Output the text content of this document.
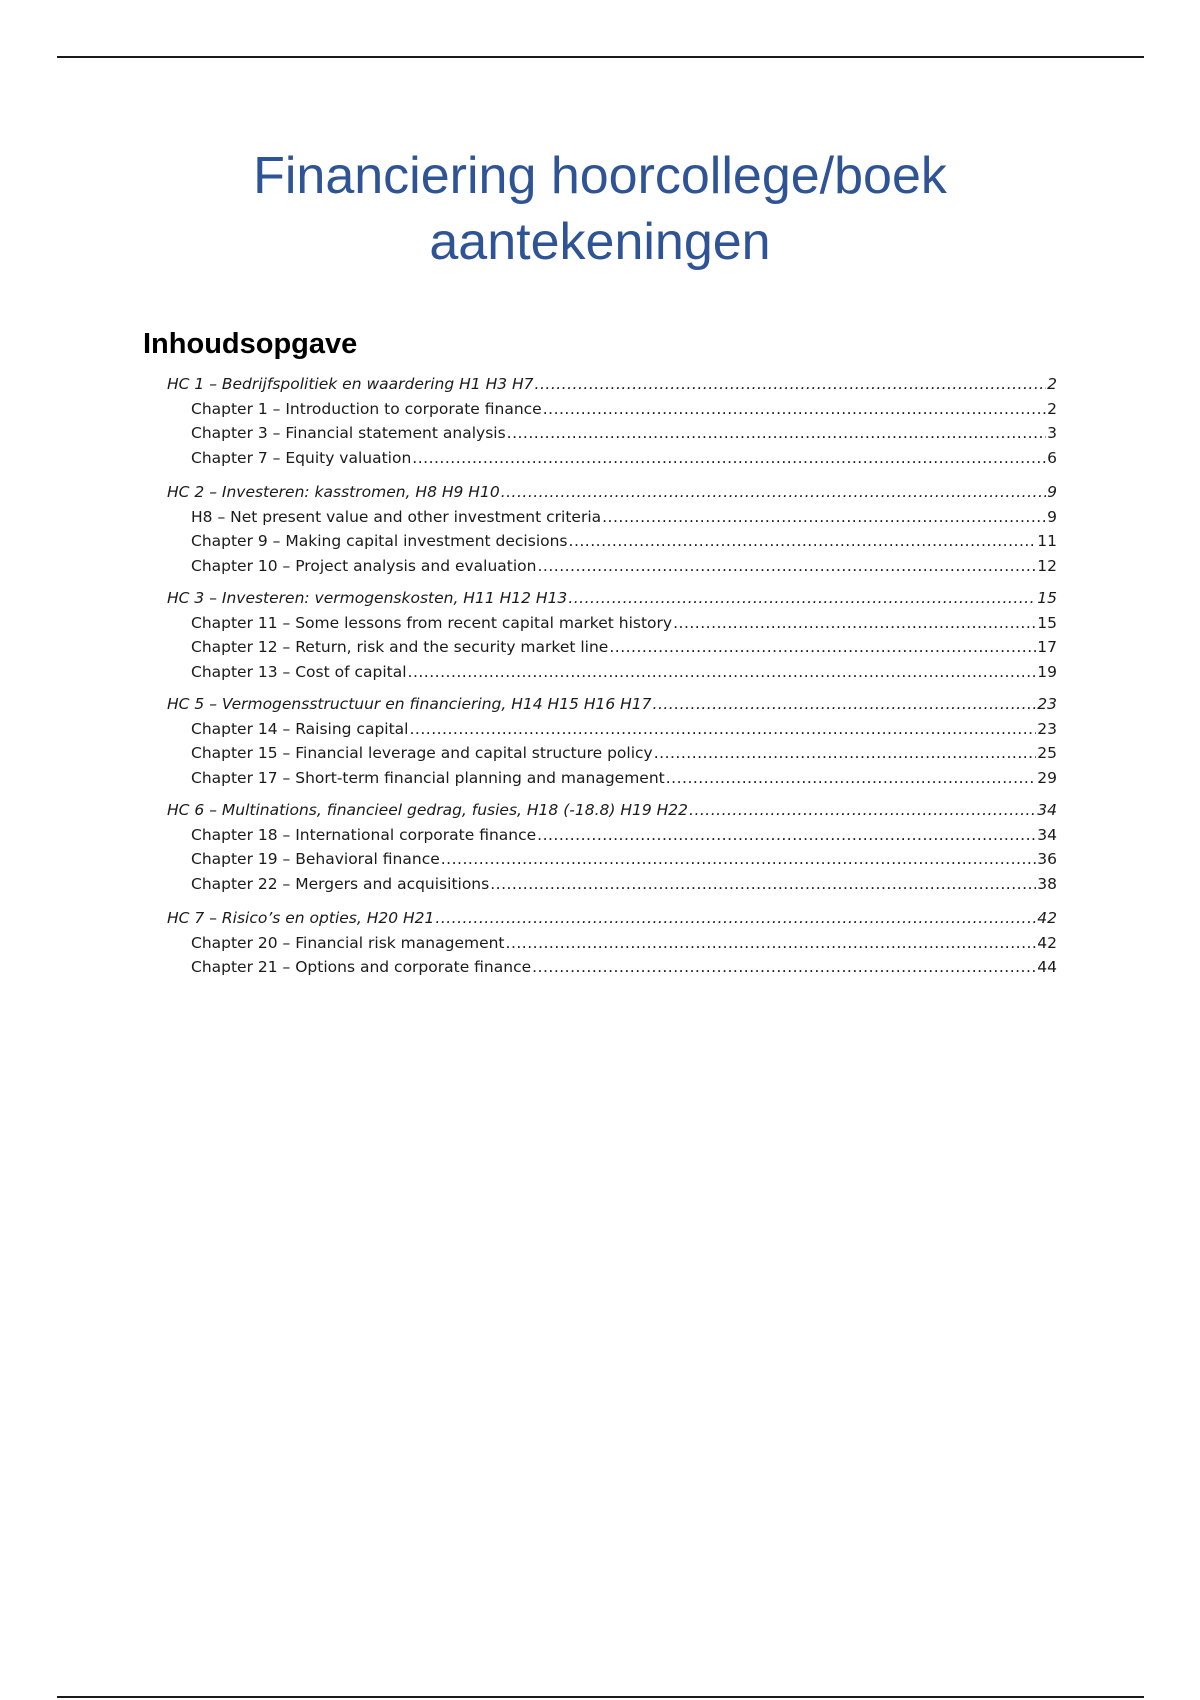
Financiering hoorcollege/boek
aantekeningen
Inhoudsopgave
HC 1 – Bedrijfspolitiek en waardering H1 H3 H7 .....	2
Chapter 1 – Introduction to corporate finance .....	2
Chapter 3 – Financial statement analysis .....	3
Chapter 7 – Equity valuation .....	6
HC 2 – Investeren: kasstromen, H8 H9 H10 .....	9
H8 – Net present value and other investment criteria .....	9
Chapter 9 – Making capital investment decisions .....	11
Chapter 10 – Project analysis and evaluation .....	12
HC 3 – Investeren: vermogenskosten, H11 H12 H13 .....	15
Chapter 11 – Some lessons from recent capital market history .....	15
Chapter 12 – Return, risk and the security market line .....	17
Chapter 13 – Cost of capital .....	19
HC 5 – Vermogensstructuur en financiering, H14 H15 H16 H17 .....	23
Chapter 14 – Raising capital .....	23
Chapter 15 – Financial leverage and capital structure policy .....	25
Chapter 17 – Short-term financial planning and management .....	29
HC 6 – Multinations, financieel gedrag, fusies, H18 (-18.8) H19 H22 .....	34
Chapter 18 – International corporate finance .....	34
Chapter 19 – Behavioral finance .....	36
Chapter 22 – Mergers and acquisitions .....	38
HC 7 – Risico’s en opties, H20 H21 .....	42
Chapter 20 – Financial risk management .....	42
Chapter 21 – Options and corporate finance .....	44
